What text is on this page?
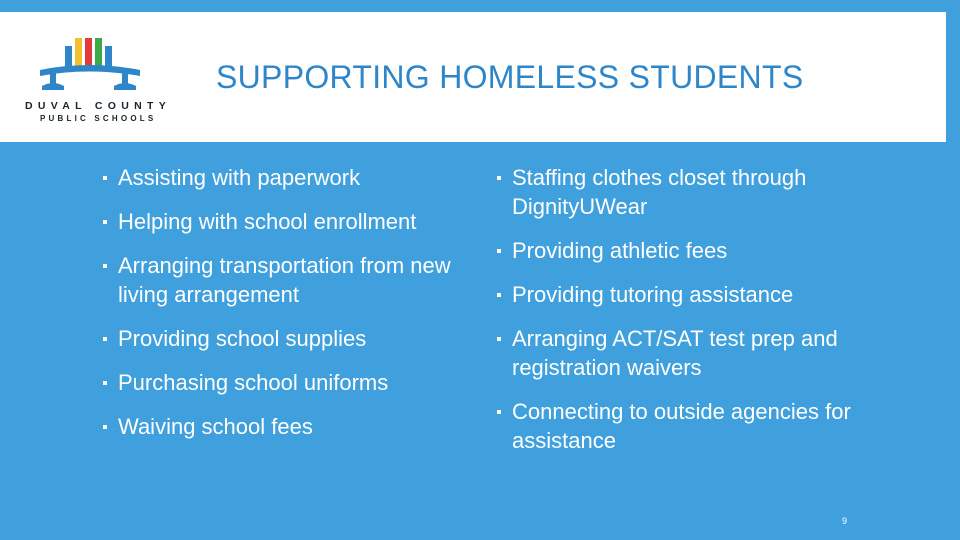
DUVAL COUNTY
PUBLIC SCHOOLS
SUPPORTING HOMELESS STUDENTS
Assisting with paperwork
Helping with school enrollment
Arranging transportation from new living arrangement
Providing school supplies
Purchasing school uniforms
Waiving school fees
Staffing clothes closet through DignityUWear
Providing athletic fees
Providing tutoring assistance
Arranging ACT/SAT test prep and registration waivers
Connecting to outside agencies for assistance
9
